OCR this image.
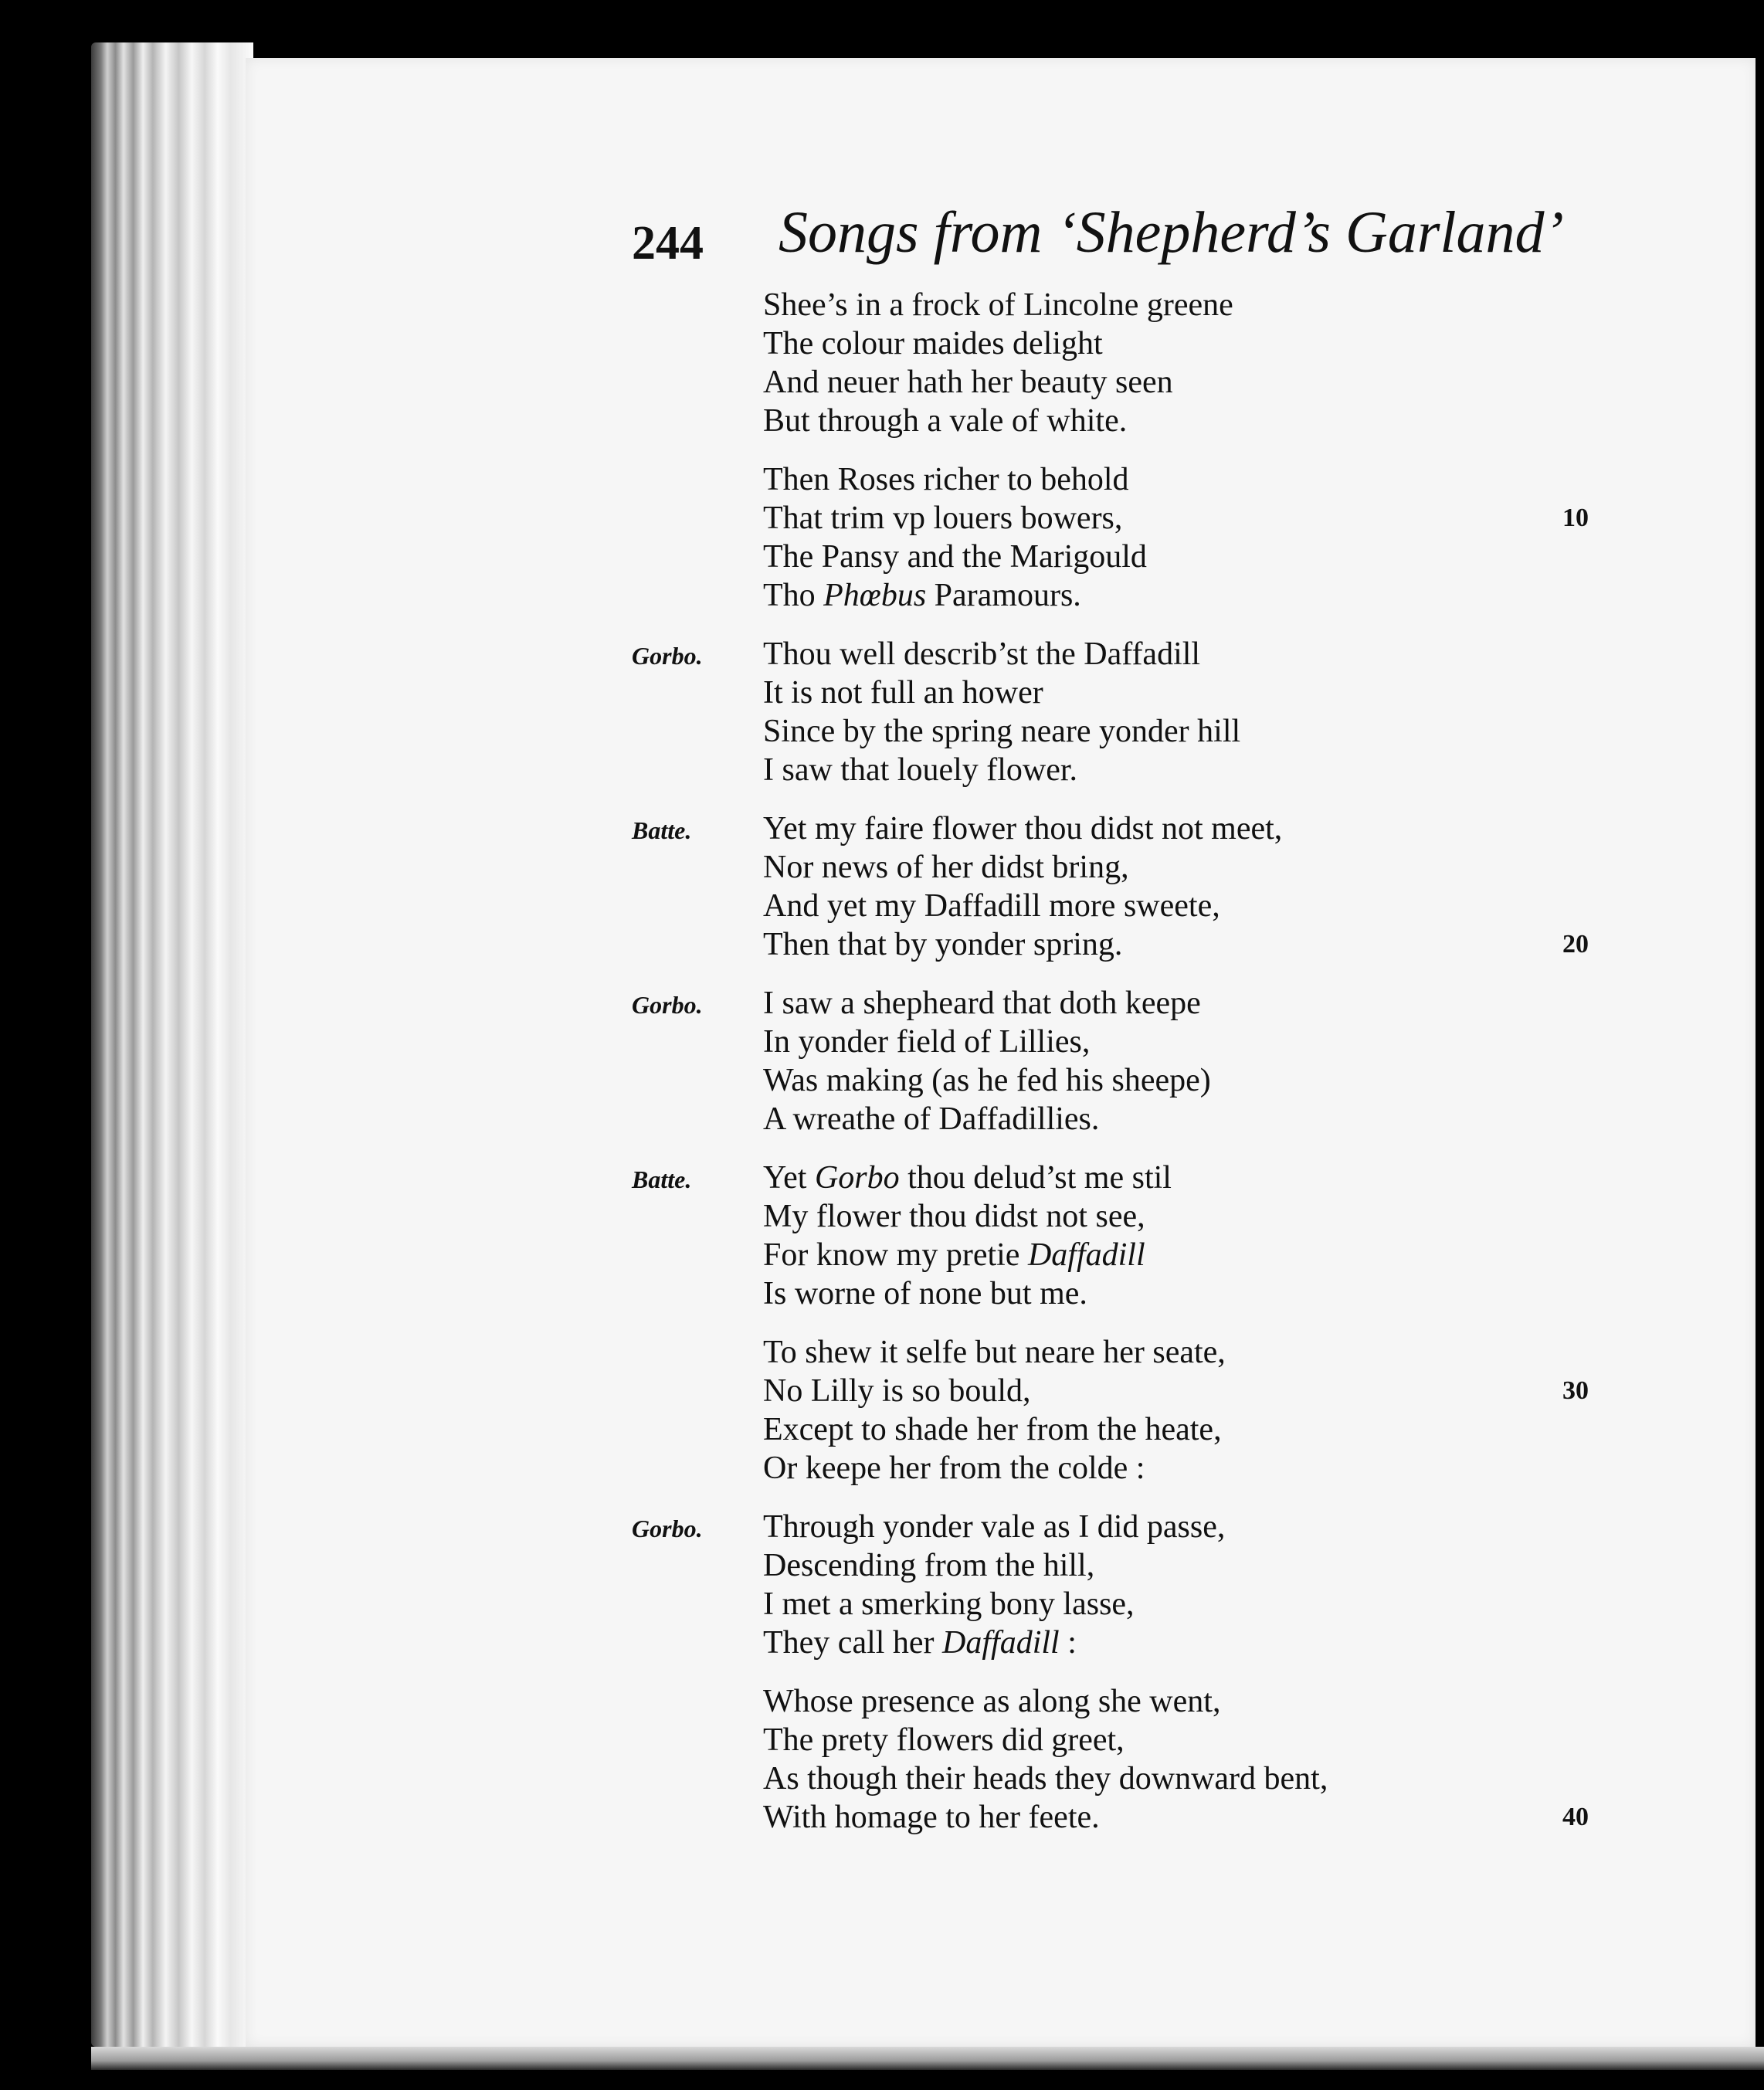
244 Songs from ‘Shepherd’s Garland’
Shee’s in a frock of Lincolne greene
The colour maides delight
And neuer hath her beauty seen
But through a vale of white.
Then Roses richer to behold
That trim vp louers bowers,	10
The Pansy and the Marigould
Tho Phœbus Paramours.
Gorbo.	Thou well describ’st the Daffadill
It is not full an hower
Since by the spring neare yonder hill
I saw that louely flower.
Batte.	Yet my faire flower thou didst not meet,
Nor news of her didst bring,
And yet my Daffadill more sweete,
Then that by yonder spring.	20
Gorbo.	I saw a shepheard that doth keepe
In yonder field of Lillies,
Was making (as he fed his sheepe)
A wreathe of Daffadillies.
Batte.	Yet Gorbo thou delud’st me stil
My flower thou didst not see,
For know my pretie Daffadill
Is worne of none but me.
To shew it selfe but neare her seate,
No Lilly is so bould,	30
Except to shade her from the heate,
Or keepe her from the colde :
Gorbo.	Through yonder vale as I did passe,
Descending from the hill,
I met a smerking bony lasse,
They call her Daffadill :
Whose presence as along she went,
The prety flowers did greet,
As though their heads they downward bent,
With homage to her feete.	40
